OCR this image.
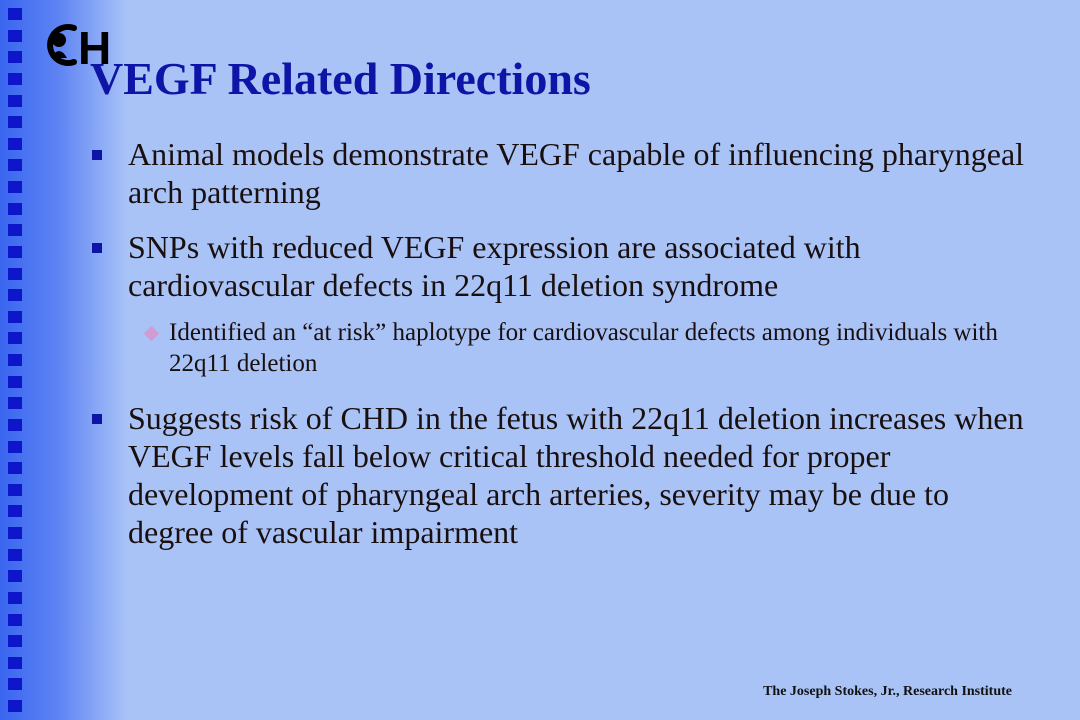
H
VEGF Related Directions
Animal models demonstrate VEGF capable of influencing pharyngeal arch patterning
SNPs with reduced VEGF expression are associated with cardiovascular defects in 22q11 deletion syndrome
Identified an “at risk” haplotype for cardiovascular defects among individuals with 22q11 deletion
Suggests risk of CHD in the fetus with 22q11 deletion increases when VEGF levels fall below critical threshold needed for proper development of pharyngeal arch arteries, severity may be due to degree of vascular impairment
The Joseph Stokes, Jr., Research Institute
